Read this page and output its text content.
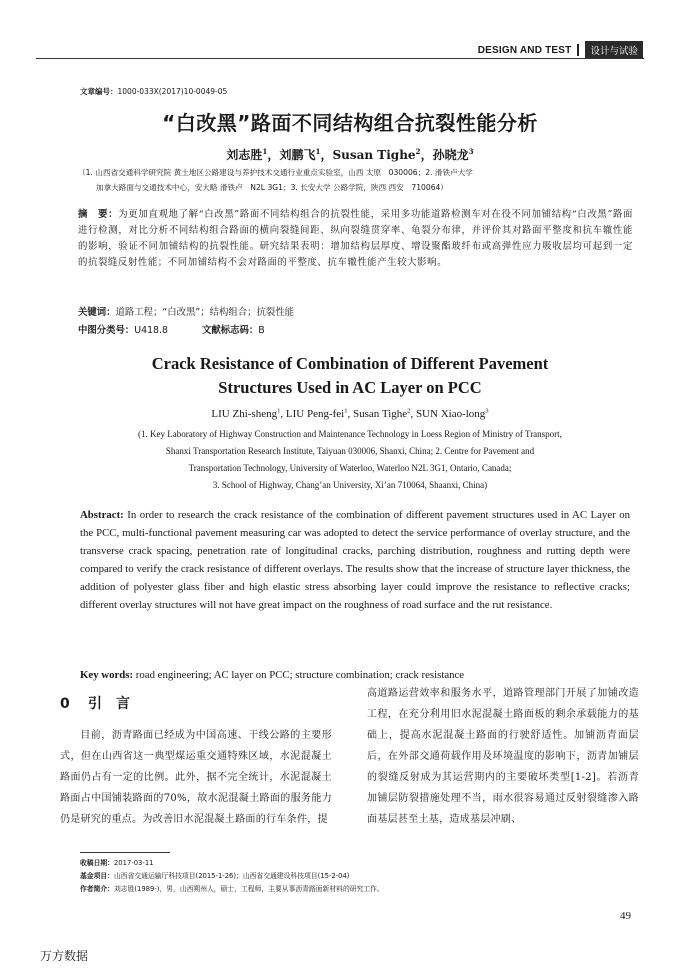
DESIGN AND TEST	设计与试验
文章编号：1000-033X(2017)10-0049-05
“白改黑”路面不同结构组合抗裂性能分析
刘志胜$^1$，刘鹏飞$^1$，Susan Tighe$^2$，孙晓龙$^3$
（1. 山西省交通科学研究院 黄土地区公路建设与养护技术交通行业重点实验室，山西 太原　030006；2. 滑铁卢大学
加拿大路面与交通技术中心，安大略 滑铁卢　N2L 3G1；3. 长安大学 公路学院，陕西 西安　710064）
摘　要：为更加直观地了解“白改黑”路面不同结构组合的抗裂性能，采用多功能道路检测车对在役不同加铺结构“白改黑”路面进行检测，对比分析不同结构组合路面的横向裂缝间距、纵向裂缝贯穿率、龟裂分布律，并评价其对路面平整度和抗车辙性能的影响，验证不同加铺结构的抗裂性能。研究结果表明：增加结构层厚度、增设聚酯玻纤布或高弹性应力吸收层均可起到一定的抗裂缝反射性能；不同加铺结构不会对路面的平整度、抗车辙性能产生较大影响。
关键词：道路工程；“白改黑”；结构组合；抗裂性能
中图分类号：U418.8	文献标志码：B
Crack Resistance of Combination of Different Pavement
Structures Used in AC Layer on PCC
LIU Zhi-sheng$^1$, LIU Peng-fei$^1$, Susan Tighe$^2$, SUN Xiao-long$^3$
(1. Key Laboratory of Highway Construction and Maintenance Technology in Loess Region of Ministry of Transport,
Shanxi Transportation Research Institute, Taiyuan 030006, Shanxi, China; 2. Centre for Pavement and
Transportation Technology, University of Waterloo, Waterloo N2L 3G1, Ontario, Canada;
3. School of Highway, Chang’an University, Xi’an 710064, Shaanxi, China)
Abstract: In order to research the crack resistance of the combination of different pavement structures used in AC Layer on the PCC, multi-functional pavement measuring car was adopted to detect the service performance of overlay structure, and the transverse crack spacing, penetration rate of longitudinal cracks, parching distribution, roughness and rutting depth were compared to verify the crack resistance of different overlays. The results show that the increase of structure layer thickness, the addition of polyester glass fiber and high elastic stress absorbing layer could improve the resistance to reflective cracks; different overlay structures will not have great impact on the roughness of road surface and the rut resistance.
Key words: road engineering; AC layer on PCC; structure combination; crack resistance
0 引　言
目前，沥青路面已经成为中国高速、干线公路的主要形式，但在山西省这一典型煤运重交通特殊区域，水泥混凝土路面仍占有一定的比例。此外，据不完全统计，水泥混凝土路面占中国铺装路面的70%，故水泥混凝土路面的服务能力仍是研究的重点。为改善旧水泥混凝土路面的行车条件，提
高道路运营效率和服务水平，道路管理部门开展了加铺改造工程，在充分利用旧水泥混凝土路面板的剩余承载能力的基础上，提高水泥混凝土路面的行驶舒适性。加铺沥青面层后，在外部交通荷载作用及环境温度的影响下，沥青加铺层的裂缝反射成为其运营期内的主要破坏类型[1-2]。若沥青加铺层防裂措施处理不当，雨水很容易通过反射裂缝渗入路面基层甚至土基，造成基层冲刷、
收稿日期：2017-03-11
基金项目：山西省交通运输厅科技项目(2015-1-26)；山西省交通建设科技项目(15-2-04)
作者简介：刘志胜(1989-)，男，山西朔州人，硕士，工程师，主要从事沥青路面新材料的研究工作。
49
万方数据
